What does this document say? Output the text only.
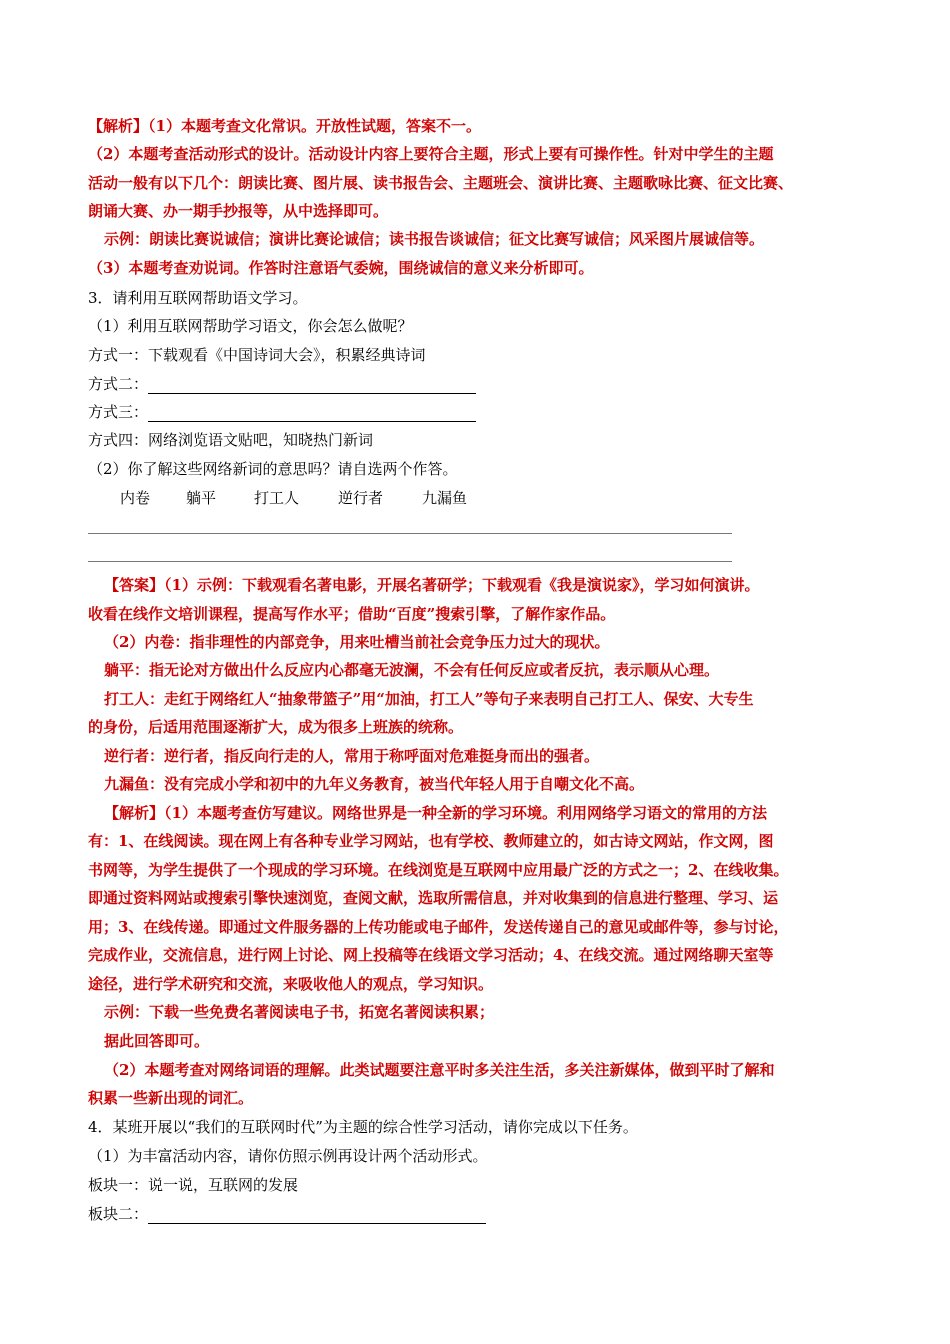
【解析】（1）本题考查文化常识。开放性试题，答案不一。
（2）本题考查活动形式的设计。活动设计内容上要符合主题，形式上要有可操作性。针对中学生的主题
活动一般有以下几个：朗读比赛、图片展、读书报告会、主题班会、演讲比赛、主题歌咏比赛、征文比赛、
朗诵大赛、办一期手抄报等，从中选择即可。
示例：朗读比赛说诚信；演讲比赛论诚信；读书报告谈诚信；征文比赛写诚信；风采图片展诚信等。
（3）本题考查劝说词。作答时注意语气委婉，围绕诚信的意义来分析即可。
3．请利用互联网帮助语文学习。
（1）利用互联网帮助学习语文，你会怎么做呢？
方式一：下载观看《中国诗词大会》，积累经典诗词
方式二：
方式三：
方式四：网络浏览语文贴吧，知晓热门新词
（2）你了解这些网络新词的意思吗？请自选两个作答。
内卷 躺平	打工人	逆行者	九漏鱼
【答案】（1）示例：下载观看名著电影，开展名著研学；下载观看《我是演说家》，学习如何演讲。
收看在线作文培训课程，提高写作水平；借助“百度”搜索引擎，了解作家作品。
（2）内卷：指非理性的内部竞争，用来吐槽当前社会竞争压力过大的现状。
躺平：指无论对方做出什么反应内心都毫无波澜，不会有任何反应或者反抗，表示顺从心理。
打工人：走红于网络红人“抽象带篮子”用“加油，打工人”等句子来表明自己打工人、保安、大专生
的身份，后适用范围逐渐扩大，成为很多上班族的统称。
逆行者：逆行者，指反向行走的人，常用于称呼面对危难挺身而出的强者。
九漏鱼：没有完成小学和初中的九年义务教育，被当代年轻人用于自嘲文化不高。
【解析】（1）本题考查仿写建议。网络世界是一种全新的学习环境。利用网络学习语文的常用的方法
有：1、在线阅读。现在网上有各种专业学习网站，也有学校、教师建立的，如古诗文网站，作文网，图
书网等，为学生提供了一个现成的学习环境。在线浏览是互联网中应用最广泛的方式之一；2、在线收集。
即通过资料网站或搜索引擎快速浏览，查阅文献，选取所需信息，并对收集到的信息进行整理、学习、运
用；3、在线传递。即通过文件服务器的上传功能或电子邮件，发送传递自己的意见或邮件等，参与讨论，
完成作业，交流信息，进行网上讨论、网上投稿等在线语文学习活动；4、在线交流。通过网络聊天室等
途径，进行学术研究和交流，来吸收他人的观点，学习知识。
示例：下载一些免费名著阅读电子书，拓宽名著阅读积累；
据此回答即可。
（2）本题考查对网络词语的理解。此类试题要注意平时多关注生活，多关注新媒体，做到平时了解和
积累一些新出现的词汇。
4．某班开展以“我们的互联网时代”为主题的综合性学习活动，请你完成以下任务。
（1）为丰富活动内容，请你仿照示例再设计两个活动形式。
板块一：说一说，互联网的发展
板块二：
